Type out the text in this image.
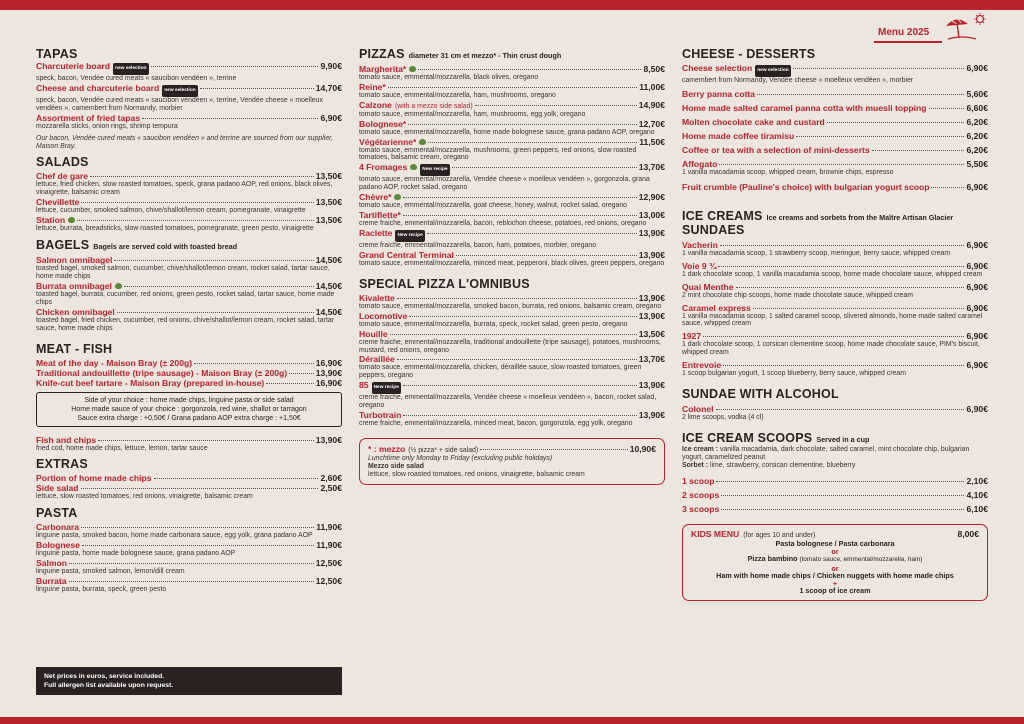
Menu 2025
TAPAS
Charcuterie board	new selection	9,90€
speck, bacon, Vendée cured meats « saucibon vendéen », terrine
Cheese and charcuterie board	new selection	14,70€
speck, bacon, Vendée cured meats « saucibon vendéen », terrine, Vendée cheese « moelleux vendéen », camembert from Normandy, morbier
Assortment of fried tapas	6,90€
mozzarella sticks, onion rings, shrimp tempura
Our bacon, Vendée cured meats « saucibon vendéen » and terrine are sourced from our supplier, Maison Bray.
SALADS
Chef de gare	13,50€
lettuce, fried chicken, slow roasted tomatoes, speck, grana padano AOP, red onions, black olives, vinaigrette, balsamic cream
Chevillette	13,50€
lettuce, cucumber, smoked salmon, chive/shallot/lemon cream, pomegranate, vinaigrette
Station	13,50€
lettuce, burrata, breadsticks, slow roasted tomatoes, pomegranate, green pesto, vinaigrette
BAGELS Bagels are served cold with toasted bread
Salmon omnibagel	14,50€
toasted bagel, smoked salmon, cucumber, chive/shallot/lemon cream, rocket salad, tartar sauce, home made chips
Burrata omnibagel	14,50€
toasted bagel, burrata, cucumber, red onions, green pesto, rocket salad, tartar sauce, home made chips
Chicken omnibagel	14,50€
toasted bagel, fried chicken, cucumber, red onions, chive/shallot/lemon cream, rocket salad, tartar sauce, home made chips
MEAT - FISH
Meat of the day - Maison Bray (± 200g)	16,90€
Traditional andouillette (tripe sausage) - Maison Bray (± 200g)	13,90€
Knife-cut beef tartare - Maison Bray (prepared in-house)	16,90€
Side of your choice : home made chips, linguine pasta or side salad
Home made sauce of your choice : gorgonzola, red wine, shallot or tarragon
Sauce extra charge : +0,50€ / Grana padano AOP extra charge : +1,50€
Fish and chips	13,90€
fried cod, home made chips, lettuce, lemon, tartar sauce
EXTRAS
Portion of home made chips	2,60€
Side salad	2,50€
lettuce, slow roasted tomatoes, red onions, vinaigrette, balsamic cream
PASTA
Carbonara	11,90€
linguine pasta, smoked bacon, home made carbonara sauce, egg yolk, grana padano AOP
Bolognese	11,90€
linguine pasta, home made bolognese sauce, grana padano AOP
Salmon	12,50€
linguine pasta, smoked salmon, lemon/dill cream
Burrata	12,50€
linguine pasta, burrata, speck, green pesto
Net prices in euros, service included.
Full allergen list available upon request.
PIZZAS diameter 31 cm et mezzo* - Thin crust dough
Margherita*	8,50€
tomato sauce, emmental/mozzarella, black olives, oregano
Reine*	11,00€
tomato sauce, emmental/mozzarella, ham, mushrooms, oregano
Calzone (with a mezzo side salad)	14,90€
tomato sauce, emmental/mozzarella, ham, mushrooms, egg yolk, oregano
Bolognese*	12,70€
tomato sauce, emmental/mozzarella, home made bolognese sauce, grana padano AOP, oregano
Végétarienne*	11,50€
tomato sauce, emmental/mozzarella, mushrooms, green peppers, red onions, slow roasted tomatoes, balsamic cream, oregano
4 Fromages	New recipe	13,70€
tomato sauce, emmental/mozzarella, Vendée cheese « moelleux vendéen », gorgonzola, grana padano AOP, rocket salad, oregano
Chèvre*	12,90€
tomato sauce, emmental/mozzarella, goat cheese, honey, walnut, rocket salad, oregano
Tartiflette*	13,00€
creme fraiche, emmental/mozzarella, bacon, reblochon cheese, potatoes, red onions, oregano
Raclette	New recipe	13,90€
creme fraiche, emmental/mozzarella, bacon, ham, potatoes, morbier, oregano
Grand Central Terminal	13,90€
tomato sauce, emmental/mozzarella, minced meat, pepperoni, black olives, green peppers, oregano
SPECIAL PIZZA L'OMNIBUS
Kivalette	13,90€
tomato sauce, emmental/mozzarella, smoked bacon, burrata, red onions, balsamic cream, oregano
Locomotive	13,90€
tomato sauce, emmental/mozzarella, burrata, speck, rocket salad, green pesto, oregano
Houille	13,50€
creme fraiche, emmental/mozzarella, traditional andouillette (tripe sausage), potatoes, mushrooms, mustard, red onions, oregano
Déraillée	13,70€
tomato sauce, emmental/mozzarella, chicken, déraillée sauce, slow roasted tomatoes, green peppers, oregano
85	New recipe	13,90€
creme fraiche, emmental/mozzarella, Vendée cheese « moelleux vendéen », bacon, rocket salad, oregano
Turbotrain	13,90€
creme fraiche, emmental/mozzarella, minced meat, bacon, gorgonzola, egg yolk, oregano
* : mezzo (½ pizza* + side salad)	10,90€
Lunchtime only Monday to Friday (excluding public holidays)
Mezzo side salad
lettuce, slow roasted tomatoes, red onions, vinaigrette, balsamic cream
CHEESE - DESSERTS
Cheese selection	new selection	6,90€
camembert from Normandy, Vendée cheese « moelleux vendéen », morbier
Berry panna cotta	5,60€
Home made salted caramel panna cotta with muesli topping	6,60€
Molten chocolate cake and custard	6,20€
Home made coffee tiramisu	6,20€
Coffee or tea with a selection of mini-desserts	6,20€
Affogato	5,50€
1 vanilla macadamia scoop, whipped cream, brownie chips, espresso
Fruit crumble (Pauline's choice) with bulgarian yogurt scoop	6,90€
ICE CREAMS Ice creams and sorbets from the Maître Artisan Glacier
SUNDAES
Vacherin	6,90€
1 vanilla macadamia scoop, 1 strawberry scoop, meringue, berry sauce, whipped cream
Voie 9 ¾	6,90€
1 dark chocolate scoop, 1 vanilla macadamia scoop, home made chocolate sauce, whipped cream
Quai Menthe	6,90€
2 mint chocolate chip scoops, home made chocolate sauce, whipped cream
Caramel express	6,90€
1 vanilla macadamia scoop, 1 salted caramel scoop, slivered almonds, home made salted caramel sauce, whipped cream
1927	6,90€
1 dark chocolate scoop, 1 corsican clementine scoop, home made chocolate sauce, PIM's biscuit, whipped cream
Entrevoie	6,90€
1 scoop bulgarian yogurt, 1 scoop blueberry, berry sauce, whipped cream
SUNDAE WITH ALCOHOL
Colonel	6,90€
2 lime scoops, vodka (4 cl)
ICE CREAM SCOOPS Served in a cup
Ice cream : vanilla macadamia, dark chocolate, salted caramel, mint chocolate chip, bulgarian yogurt, caramelized peanut
Sorbet : lime, strawberry, corsican clementine, blueberry
1 scoop	2,10€
2 scoops	4,10€
3 scoops	6,10€
KIDS MENU (for ages 10 and under)	8,00€
Pasta bolognese / Pasta carbonara
or
Pizza bambino (tomato sauce, emmental/mozzarella, ham)
or
Ham with home made chips / Chicken nuggets with home made chips
+
1 scoop of ice cream
